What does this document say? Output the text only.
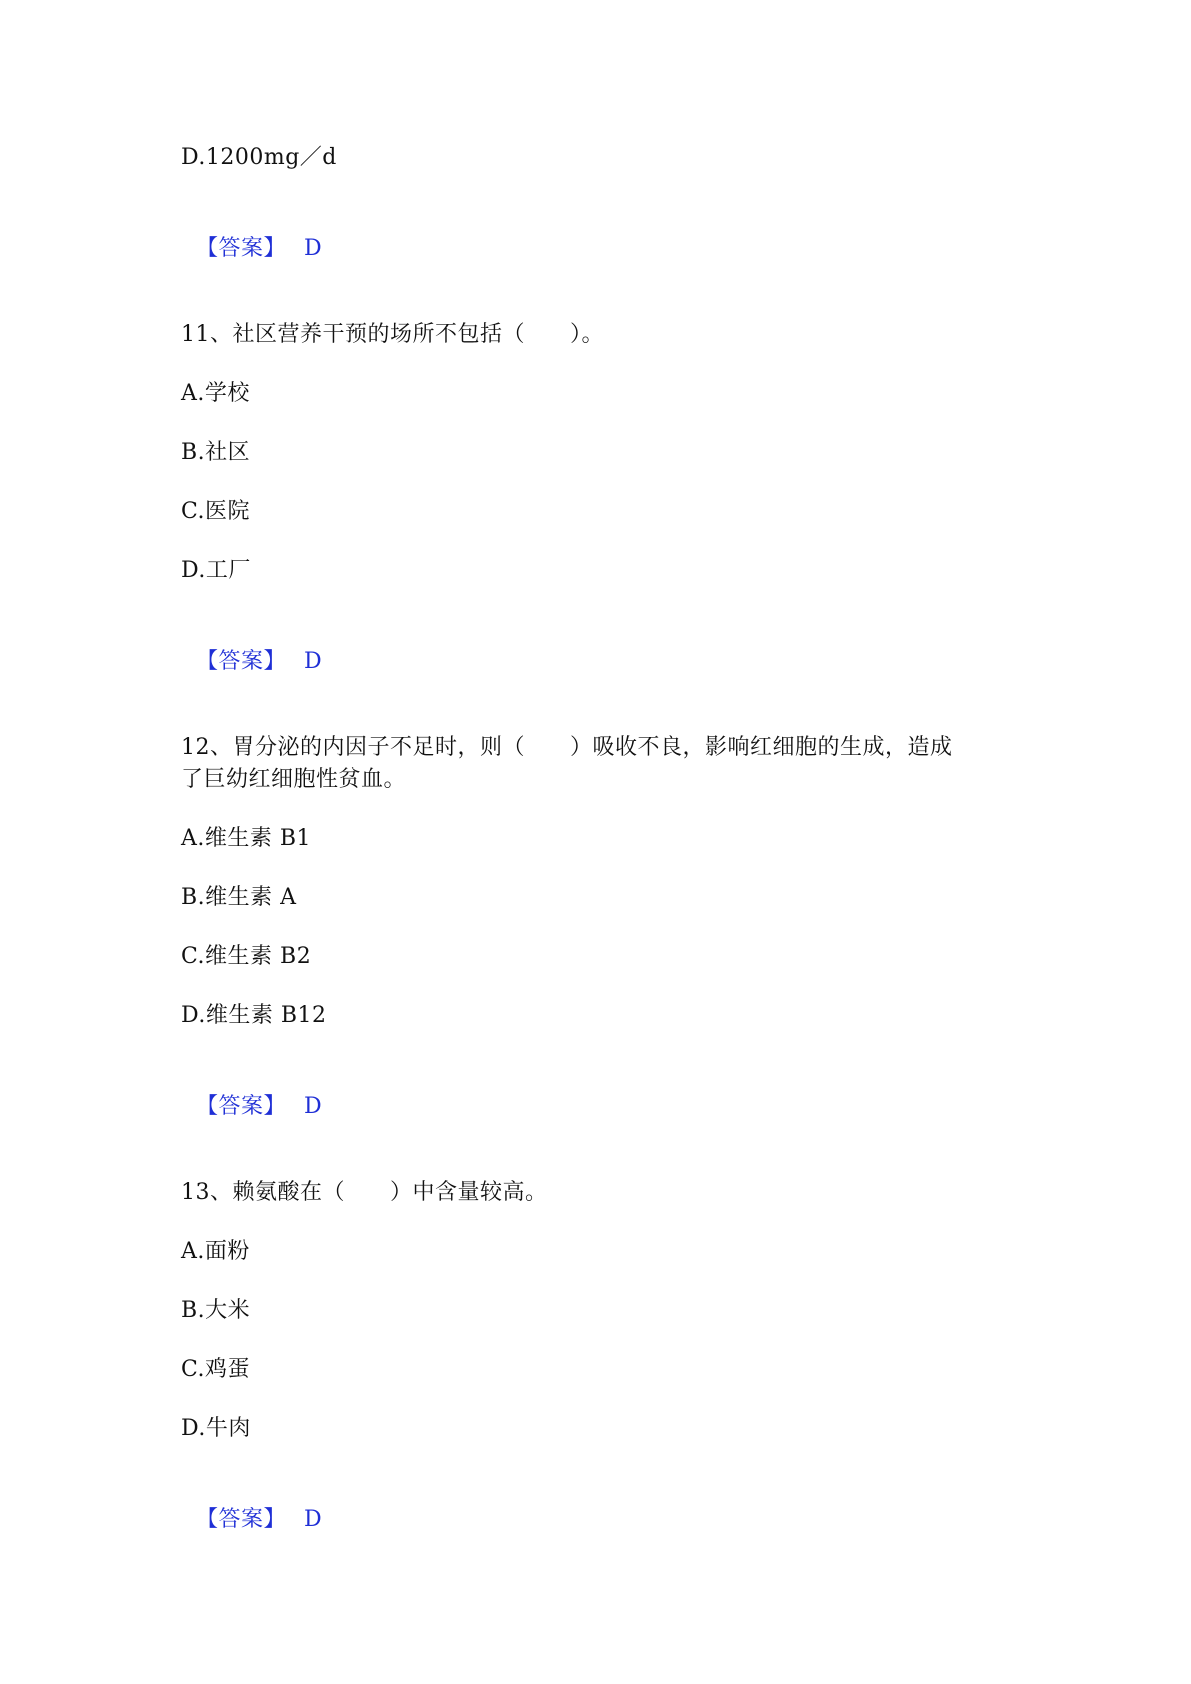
D.1200mg／d

【答案】 D

11、社区营养干预的场所不包括（　　）。
A.学校
B.社区
C.医院
D.工厂

【答案】 D

12、胃分泌的内因子不足时，则（　　）吸收不良，影响红细胞的生成，造成
了巨幼红细胞性贫血。
A.维生素 B1
B.维生素 A
C.维生素 B2
D.维生素 B12

【答案】 D

13、赖氨酸在（　　）中含量较高。
A.面粉
B.大米
C.鸡蛋
D.牛肉

【答案】 D
